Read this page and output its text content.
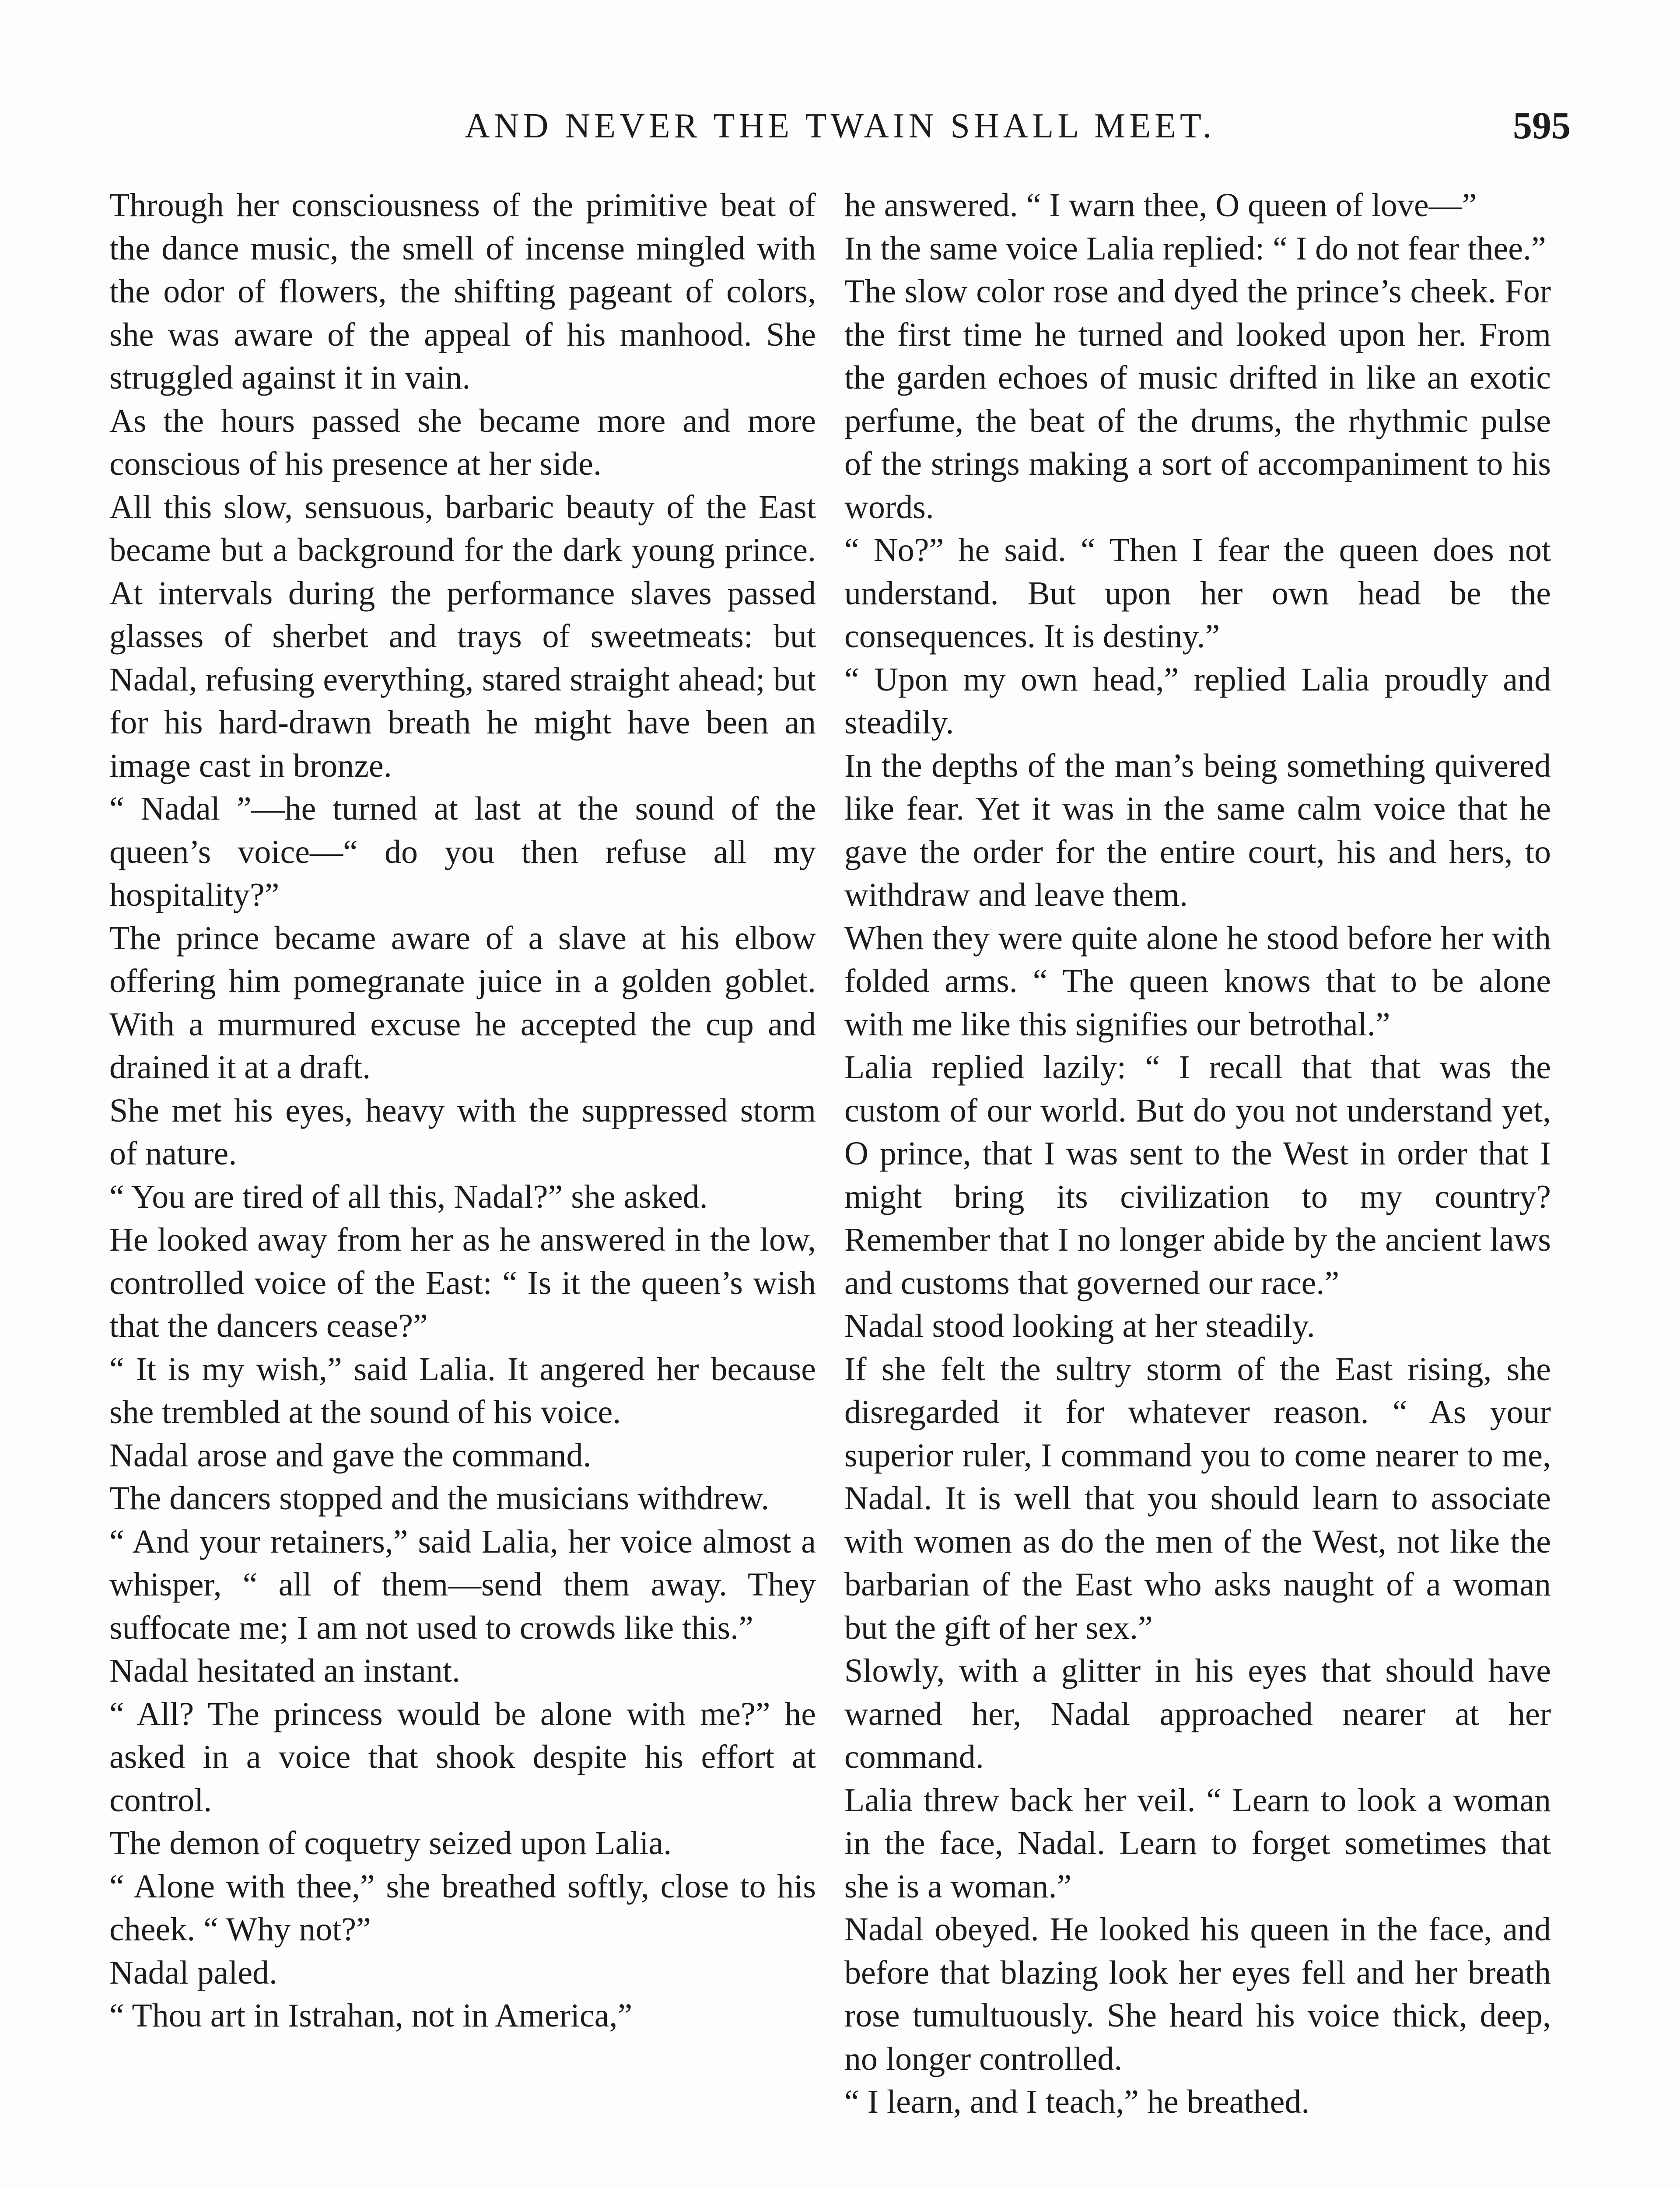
AND NEVER THE TWAIN SHALL MEET.	595

Through her consciousness of the primitive beat of the dance music, the smell of incense mingled with the odor of flowers, the shifting pageant of colors, she was aware of the appeal of his manhood. She struggled against it in vain.

As the hours passed she became more and more conscious of his presence at her side.

All this slow, sensuous, barbaric beauty of the East became but a background for the dark young prince. At intervals during the performance slaves passed glasses of sherbet and trays of sweetmeats: but Nadal, refusing everything, stared straight ahead; but for his hard-drawn breath he might have been an image cast in bronze.

“ Nadal ”—he turned at last at the sound of the queen’s voice—“ do you then refuse all my hospitality?”

The prince became aware of a slave at his elbow offering him pomegranate juice in a golden goblet. With a murmured excuse he accepted the cup and drained it at a draft.

She met his eyes, heavy with the suppressed storm of nature.

“ You are tired of all this, Nadal?” she asked.

He looked away from her as he answered in the low, controlled voice of the East: “ Is it the queen’s wish that the dancers cease?”

“ It is my wish,” said Lalia. It angered her because she trembled at the sound of his voice.

Nadal arose and gave the command.

The dancers stopped and the musicians withdrew.

“ And your retainers,” said Lalia, her voice almost a whisper, “ all of them—send them away. They suffocate me; I am not used to crowds like this.”

Nadal hesitated an instant.

“ All? The princess would be alone with me?” he asked in a voice that shook despite his effort at control.

The demon of coquetry seized upon Lalia.

“ Alone with thee,” she breathed softly, close to his cheek. “ Why not?”

Nadal paled.

“ Thou art in Istrahan, not in America,”

he answered. “ I warn thee, O queen of love—”

In the same voice Lalia replied: “ I do not fear thee.”

The slow color rose and dyed the prince’s cheek. For the first time he turned and looked upon her. From the garden echoes of music drifted in like an exotic perfume, the beat of the drums, the rhythmic pulse of the strings making a sort of accompaniment to his words.

“ No?” he said. “ Then I fear the queen does not understand. But upon her own head be the consequences. It is destiny.”

“ Upon my own head,” replied Lalia proudly and steadily.

In the depths of the man’s being something quivered like fear. Yet it was in the same calm voice that he gave the order for the entire court, his and hers, to withdraw and leave them.

When they were quite alone he stood before her with folded arms. “ The queen knows that to be alone with me like this signifies our betrothal.”

Lalia replied lazily: “ I recall that that was the custom of our world. But do you not understand yet, O prince, that I was sent to the West in order that I might bring its civilization to my country? Remember that I no longer abide by the ancient laws and customs that governed our race.”

Nadal stood looking at her steadily.

If she felt the sultry storm of the East rising, she disregarded it for whatever reason. “ As your superior ruler, I command you to come nearer to me, Nadal. It is well that you should learn to associate with women as do the men of the West, not like the barbarian of the East who asks naught of a woman but the gift of her sex.”

Slowly, with a glitter in his eyes that should have warned her, Nadal approached nearer at her command.

Lalia threw back her veil. “ Learn to look a woman in the face, Nadal. Learn to forget sometimes that she is a woman.”

Nadal obeyed. He looked his queen in the face, and before that blazing look her eyes fell and her breath rose tumultuously. She heard his voice thick, deep, no longer controlled.

“ I learn, and I teach,” he breathed.
